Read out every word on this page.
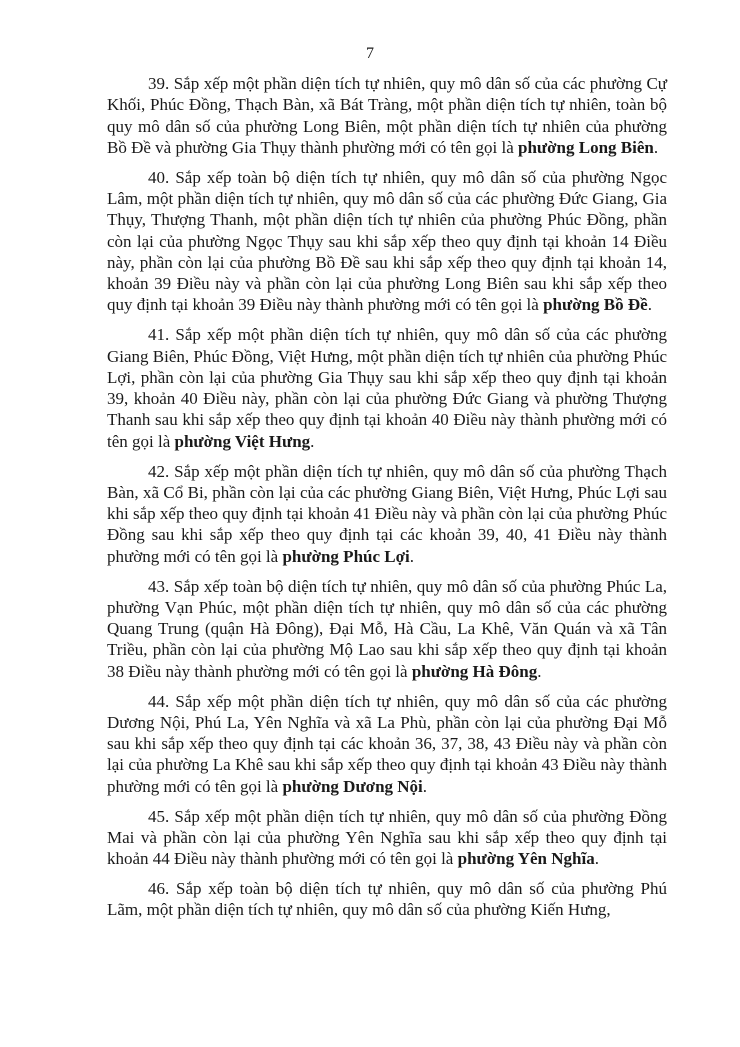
7

39. Sắp xếp một phần diện tích tự nhiên, quy mô dân số của các phường Cự Khối, Phúc Đồng, Thạch Bàn, xã Bát Tràng, một phần diện tích tự nhiên, toàn bộ quy mô dân số của phường Long Biên, một phần diện tích tự nhiên của phường Bồ Đề và phường Gia Thụy thành phường mới có tên gọi là phường Long Biên.

40. Sắp xếp toàn bộ diện tích tự nhiên, quy mô dân số của phường Ngọc Lâm, một phần diện tích tự nhiên, quy mô dân số của các phường Đức Giang, Gia Thụy, Thượng Thanh, một phần diện tích tự nhiên của phường Phúc Đồng, phần còn lại của phường Ngọc Thụy sau khi sắp xếp theo quy định tại khoản 14 Điều này, phần còn lại của phường Bồ Đề sau khi sắp xếp theo quy định tại khoản 14, khoản 39 Điều này và phần còn lại của phường Long Biên sau khi sắp xếp theo quy định tại khoản 39 Điều này thành phường mới có tên gọi là phường Bồ Đề.

41. Sắp xếp một phần diện tích tự nhiên, quy mô dân số của các phường Giang Biên, Phúc Đồng, Việt Hưng, một phần diện tích tự nhiên của phường Phúc Lợi, phần còn lại của phường Gia Thụy sau khi sắp xếp theo quy định tại khoản 39, khoản 40 Điều này, phần còn lại của phường Đức Giang và phường Thượng Thanh sau khi sắp xếp theo quy định tại khoản 40 Điều này thành phường mới có tên gọi là phường Việt Hưng.

42. Sắp xếp một phần diện tích tự nhiên, quy mô dân số của phường Thạch Bàn, xã Cổ Bi, phần còn lại của các phường Giang Biên, Việt Hưng, Phúc Lợi sau khi sắp xếp theo quy định tại khoản 41 Điều này và phần còn lại của phường Phúc Đồng sau khi sắp xếp theo quy định tại các khoản 39, 40, 41 Điều này thành phường mới có tên gọi là phường Phúc Lợi.

43. Sắp xếp toàn bộ diện tích tự nhiên, quy mô dân số của phường Phúc La, phường Vạn Phúc, một phần diện tích tự nhiên, quy mô dân số của các phường Quang Trung (quận Hà Đông), Đại Mỗ, Hà Cầu, La Khê, Văn Quán và xã Tân Triều, phần còn lại của phường Mộ Lao sau khi sắp xếp theo quy định tại khoản 38 Điều này thành phường mới có tên gọi là phường Hà Đông.

44. Sắp xếp một phần diện tích tự nhiên, quy mô dân số của các phường Dương Nội, Phú La, Yên Nghĩa và xã La Phù, phần còn lại của phường Đại Mỗ sau khi sắp xếp theo quy định tại các khoản 36, 37, 38, 43 Điều này và phần còn lại của phường La Khê sau khi sắp xếp theo quy định tại khoản 43 Điều này thành phường mới có tên gọi là phường Dương Nội.

45. Sắp xếp một phần diện tích tự nhiên, quy mô dân số của phường Đồng Mai và phần còn lại của phường Yên Nghĩa sau khi sắp xếp theo quy định tại khoản 44 Điều này thành phường mới có tên gọi là phường Yên Nghĩa.

46. Sắp xếp toàn bộ diện tích tự nhiên, quy mô dân số của phường Phú Lãm, một phần diện tích tự nhiên, quy mô dân số của phường Kiến Hưng,
